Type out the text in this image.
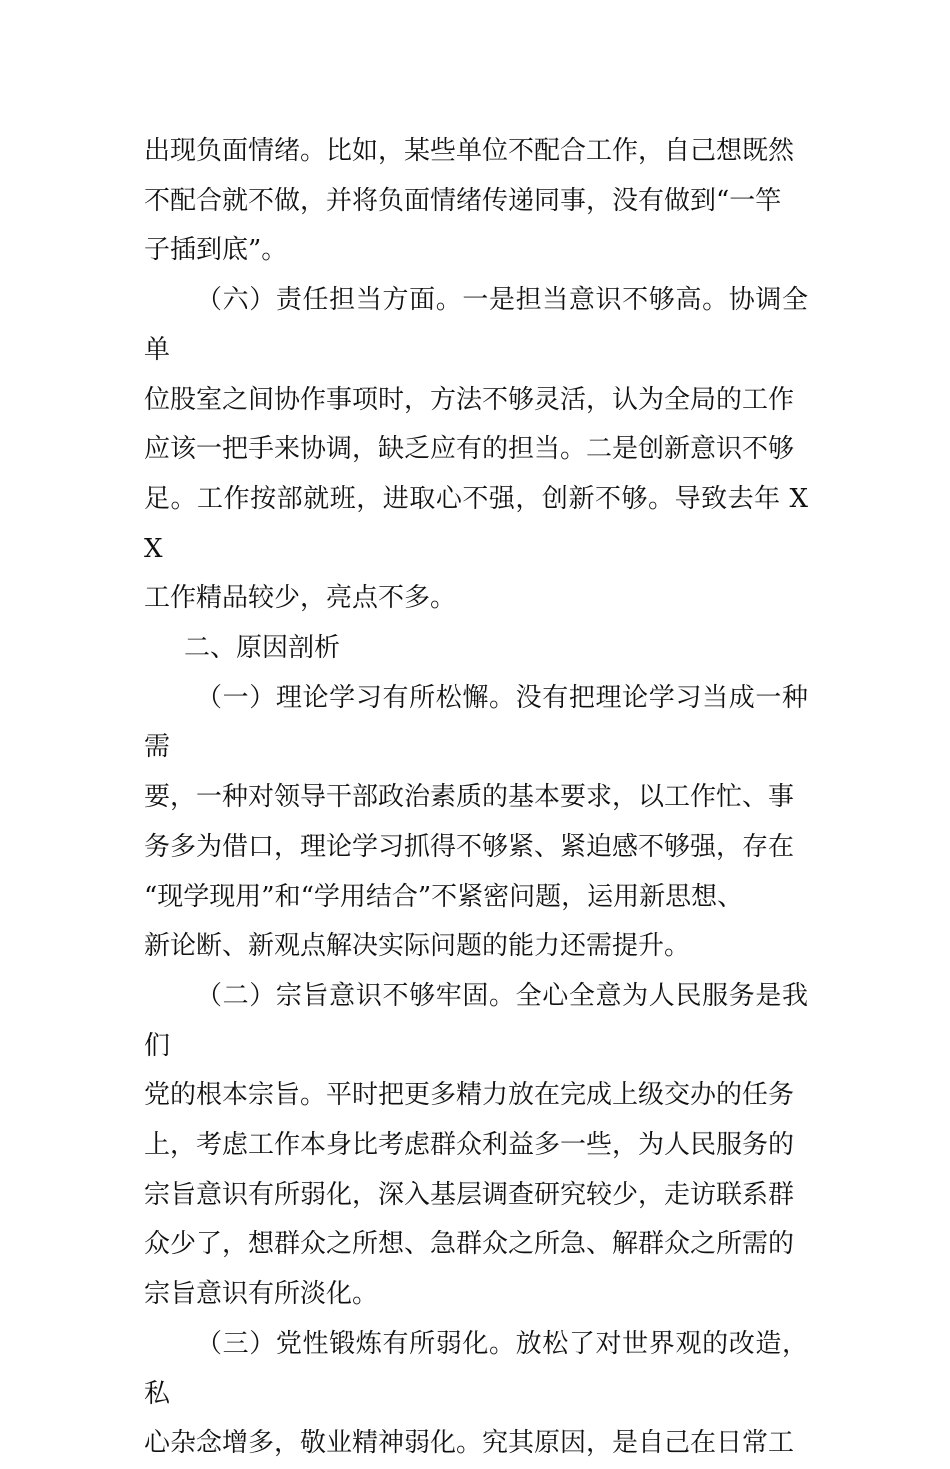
出现负面情绪。比如，某些单位不配合工作，自己想既然
不配合就不做，并将负面情绪传递同事，没有做到“一竿
子插到底”。

（六）责任担当方面。一是担当意识不够高。协调全单
位股室之间协作事项时，方法不够灵活，认为全局的工作
应该一把手来协调，缺乏应有的担当。二是创新意识不够
足。工作按部就班，进取心不强，创新不够。导致去年 XX
工作精品较少，亮点不多。

二、原因剖析

（一）理论学习有所松懈。没有把理论学习当成一种需
要，一种对领导干部政治素质的基本要求，以工作忙、事
务多为借口，理论学习抓得不够紧、紧迫感不够强，存在
“现学现用”和“学用结合”不紧密问题，运用新思想、
新论断、新观点解决实际问题的能力还需提升。

（二）宗旨意识不够牢固。全心全意为人民服务是我们
党的根本宗旨。平时把更多精力放在完成上级交办的任务
上，考虑工作本身比考虑群众利益多一些，为人民服务的
宗旨意识有所弱化，深入基层调查研究较少，走访联系群
众少了，想群众之所想、急群众之所急、解群众之所需的
宗旨意识有所淡化。

（三）党性锻炼有所弱化。放松了对世界观的改造，私
心杂念增多，敬业精神弱化。究其原因，是自己在日常工
